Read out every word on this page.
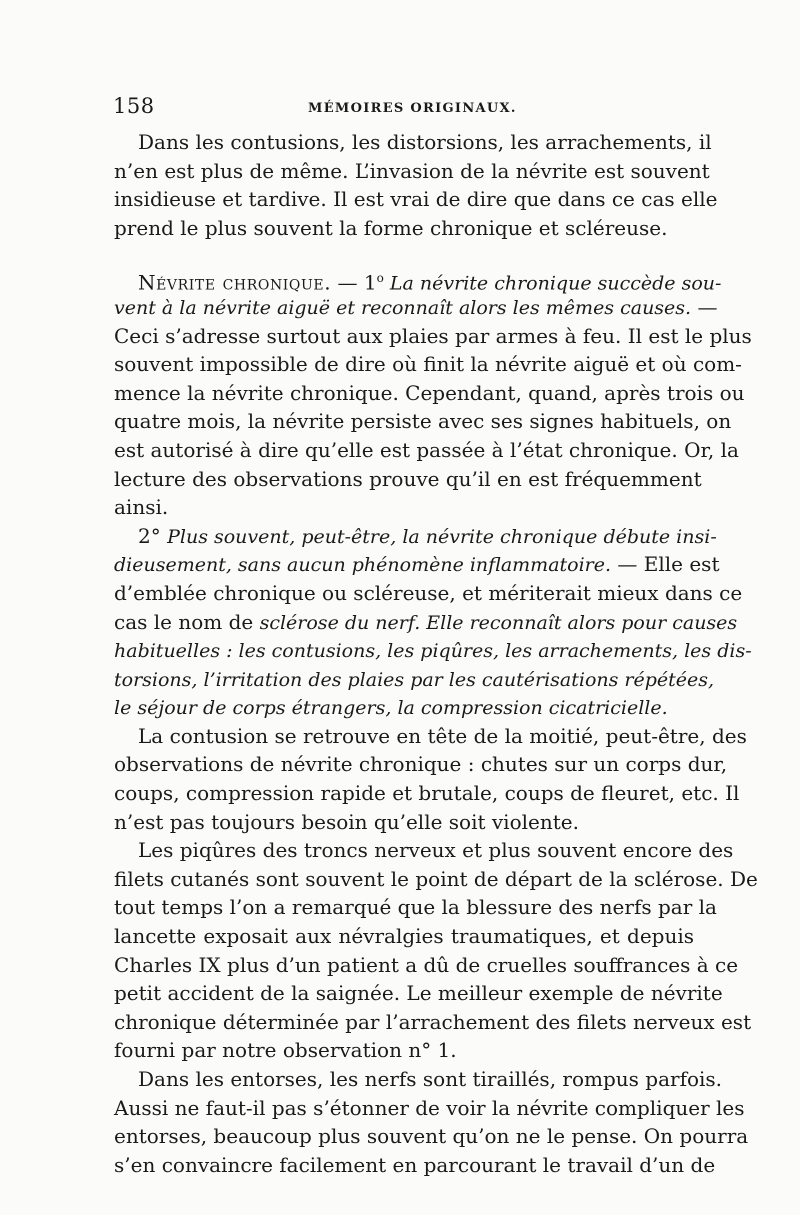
158	MÉMOIRES ORIGINAUX.
Dans les contusions, les distorsions, les arrachements, il
n’en est plus de même. L’invasion de la névrite est souvent
insidieuse et tardive. Il est vrai de dire que dans ce cas elle
prend le plus souvent la forme chronique et scléreuse.
Névrite chronique. — 1$^o$ La névrite chronique succède sou-
vent à la névrite aiguë et reconnaît alors les mêmes causes. —
Ceci s’adresse surtout aux plaies par armes à feu. Il est le plus
souvent impossible de dire où finit la névrite aiguë et où com-
mence la névrite chronique. Cependant, quand, après trois ou
quatre mois, la névrite persiste avec ses signes habituels, on
est autorisé à dire qu’elle est passée à l’état chronique. Or, la
lecture des observations prouve qu’il en est fréquemment
ainsi.
2° Plus souvent, peut-être, la névrite chronique débute insi-
dieusement, sans aucun phénomène inflammatoire. — Elle est
d’emblée chronique ou scléreuse, et mériterait mieux dans ce
cas le nom de sclérose du nerf. Elle reconnaît alors pour causes
habituelles : les contusions, les piqûres, les arrachements, les dis-
torsions, l’irritation des plaies par les cautérisations répétées,
le séjour de corps étrangers, la compression cicatricielle.
La contusion se retrouve en tête de la moitié, peut-être, des
observations de névrite chronique : chutes sur un corps dur,
coups, compression rapide et brutale, coups de fleuret, etc. Il
n’est pas toujours besoin qu’elle soit violente.
Les piqûres des troncs nerveux et plus souvent encore des
filets cutanés sont souvent le point de départ de la sclérose. De
tout temps l’on a remarqué que la blessure des nerfs par la
lancette exposait aux névralgies traumatiques, et depuis
Charles IX plus d’un patient a dû de cruelles souffrances à ce
petit accident de la saignée. Le meilleur exemple de névrite
chronique déterminée par l’arrachement des filets nerveux est
fourni par notre observation n° 1.
Dans les entorses, les nerfs sont tiraillés, rompus parfois.
Aussi ne faut-il pas s’étonner de voir la névrite compliquer les
entorses, beaucoup plus souvent qu’on ne le pense. On pourra
s’en convaincre facilement en parcourant le travail d’un de
